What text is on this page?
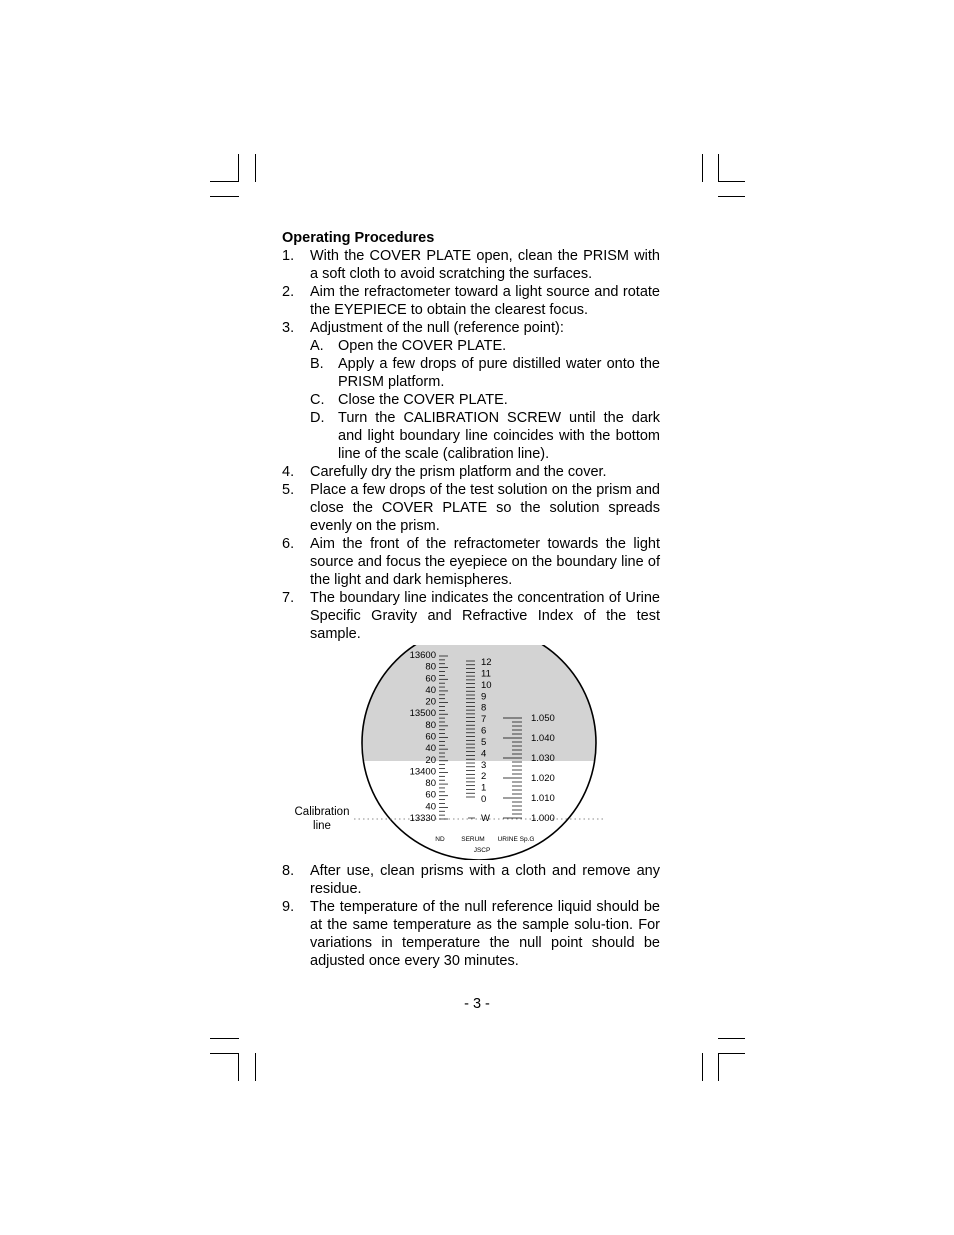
Operating Procedures
1.	With the COVER PLATE open, clean the PRISM with a soft cloth to avoid scratching the surfaces.
2.	Aim the refractometer toward a light source and rotate the EYEPIECE to obtain the clearest focus.
3.	Adjustment of the null (reference point):
A. Open the COVER PLATE.
B. Apply a few drops of pure distilled water onto the PRISM platform.
C. Close the COVER PLATE.
D. Turn the CALIBRATION SCREW until the dark and light boundary line coincides with the bottom line of the scale (calibration line).
4.	Carefully dry the prism platform and the cover.
5.	Place a few drops of the test solution on the prism and close the COVER PLATE so the solution spreads evenly on the prism.
6.	Aim the front of the refractometer towards the light source and focus the eyepiece on the boundary line of the light and dark hemispheres.
7.	The boundary line indicates the concentration of Urine Specific Gravity and Refractive Index of the test sample.
13600
80
60
40
20
13500
80
60
40
20
13400
80
60
40
13330
12
11
10
9
8
7
6
5
4
3
2
1
0
W
1.050
1.040
1.030
1.020
1.010
1.000
Calibration
line
ND	SERUM URINE Sp.G
JSCP
8.	After use, clean prisms with a cloth and remove any residue.
9.	The temperature of the null reference liquid should be at the same temperature as the sample solu-tion. For variations in temperature the null point should be adjusted once every 30 minutes.
- 3 -
